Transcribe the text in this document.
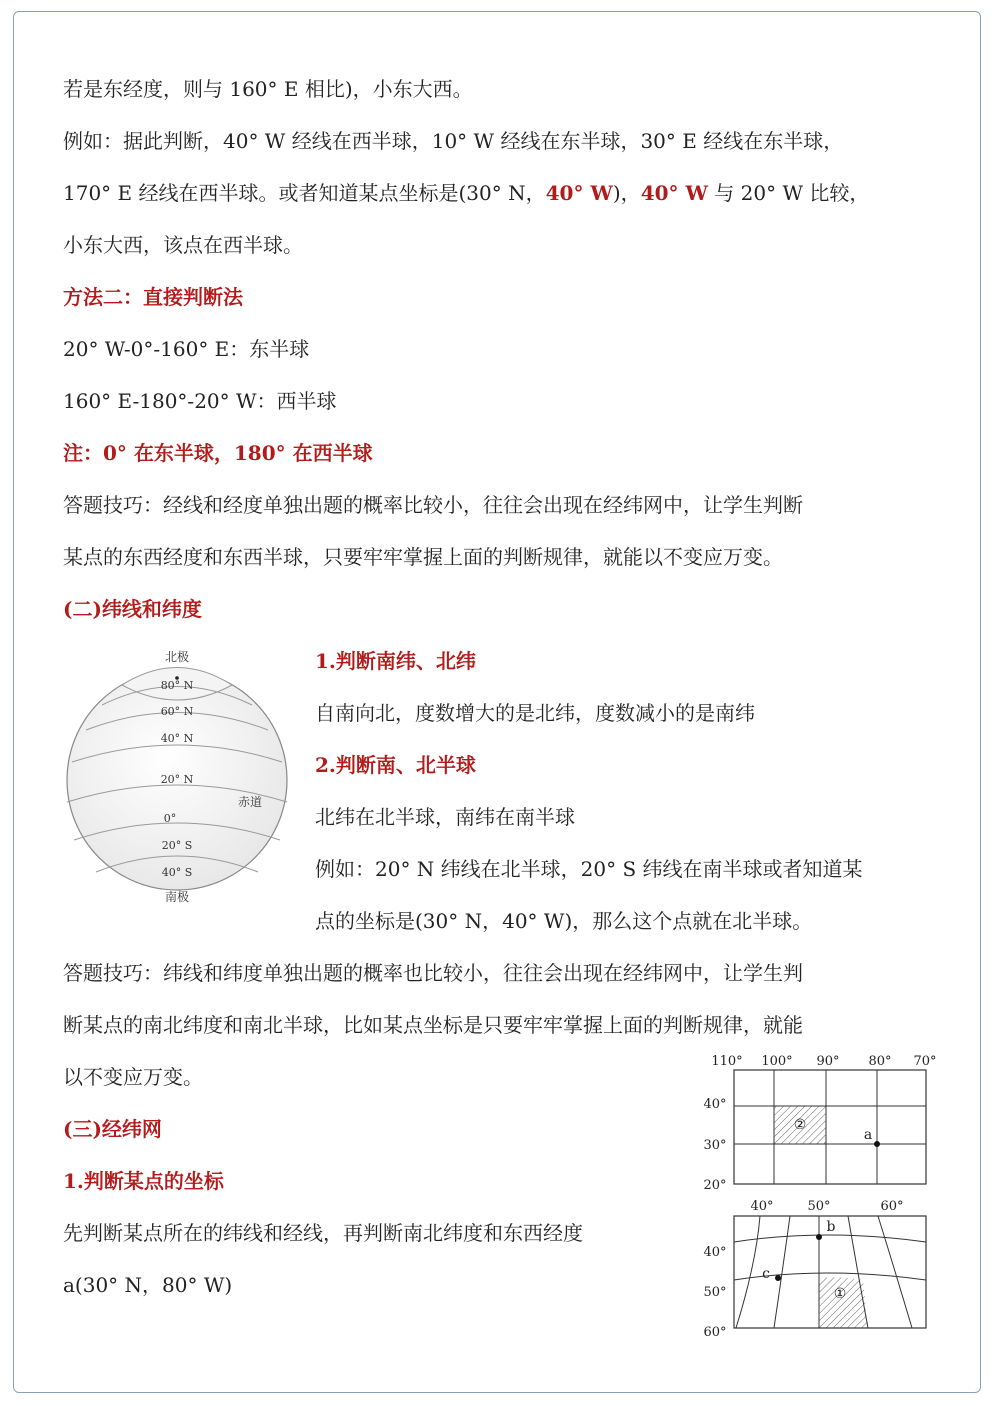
若是东经度，则与 160° E 相比)，小东大西。
例如：据此判断，40° W 经线在西半球，10° W 经线在东半球，30° E 经线在东半球，
170° E 经线在西半球。或者知道某点坐标是(30° N，40° W)，40° W 与 20° W 比较，
小东大西，该点在西半球。
方法二：直接判断法
20° W-0°-160° E：东半球
160° E-180°-20° W：西半球
注：0° 在东半球，180° 在西半球
答题技巧：经线和经度单独出题的概率比较小，往往会出现在经纬网中，让学生判断
某点的东西经度和东西半球，只要牢牢掌握上面的判断规律，就能以不变应万变。
(二)纬线和纬度
北极
南极
赤道
80° N
60° N
40° N
20° N
0°
20° S
40° S
1.判断南纬、北纬
自南向北，度数增大的是北纬，度数减小的是南纬
2.判断南、北半球
北纬在北半球，南纬在南半球
例如：20° N 纬线在北半球，20° S 纬线在南半球或者知道某
点的坐标是(30° N，40° W)，那么这个点就在北半球。
答题技巧：纬线和纬度单独出题的概率也比较小，往往会出现在经纬网中，让学生判
断某点的南北纬度和南北半球，比如某点坐标是只要牢牢掌握上面的判断规律，就能
以不变应万变。
(三)经纬网
1.判断某点的坐标
先判断某点所在的纬线和经线，再判断南北纬度和东西经度
a(30° N，80° W)
110° 100° 90° 80° 70°
40°
30°
20°
②
a
40°	50°	60°
40°
50°
60°
①
b
c
